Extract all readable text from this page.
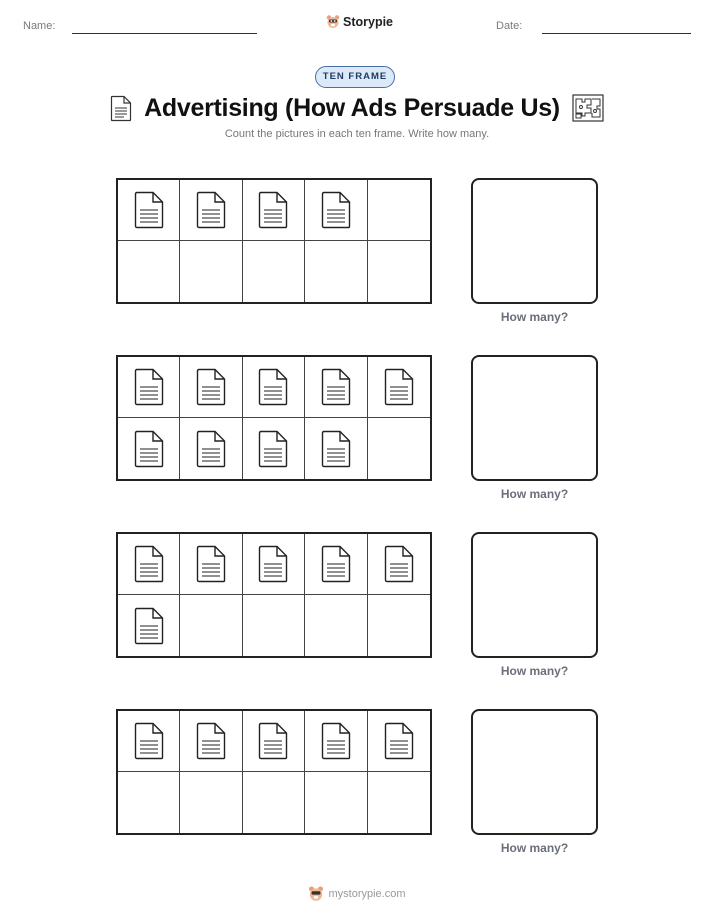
Name:	Storypie	Date:
TEN FRAME
Advertising (How Ads Persuade Us)
Count the pictures in each ten frame. Write how many.
How many?
How many?
How many?
How many?
mystorypie.com
